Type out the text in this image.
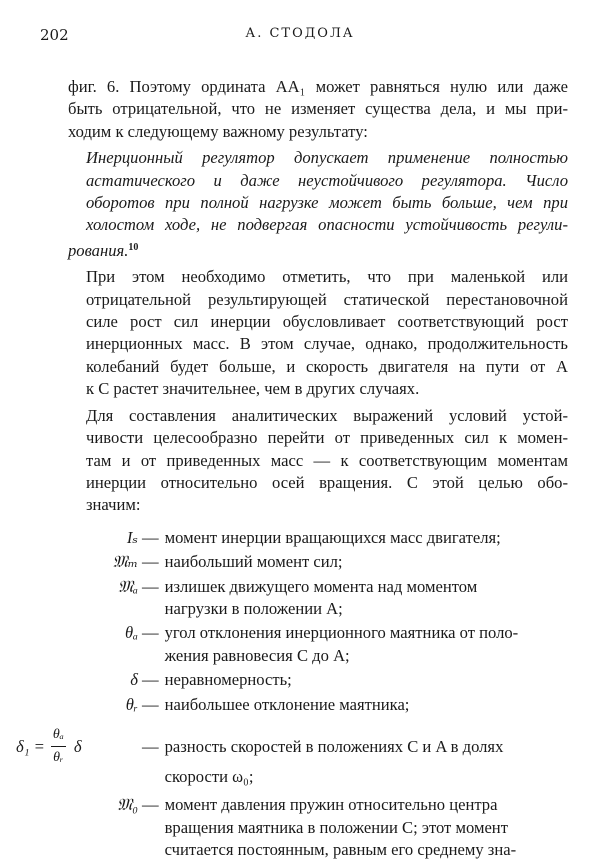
202	А. СТОДОЛА

фиг. 6. Поэтому ордината AA₁ может равняться нулю или даже
быть отрицательной, что не изменяет существа дела, и мы при-
ходим к следующему важному результату:

Инерционный регулятор допускает применение полностью
астатического и даже неустойчивого регулятора. Число
оборотов при полной нагрузке может быть больше, чем при
холостом ходе, не подвергая опасности устойчивость регули-
рования.$^{10}$

При этом необходимо отметить, что при маленькой или
отрицательной результирующей статической перестановочной
силе рост сил инерции обусловливает соответствующий рост
инерционных масс. В этом случае, однако, продолжительность
колебаний будет больше, и скорость двигателя на пути от A
к C растет значительнее, чем в других случаях.

Для составления аналитических выражений условий устой-
чивости целесообразно перейти от приведенных сил к момен-
там и от приведенных масс — к соответствующим моментам
инерции относительно осей вращения. С этой целью обо-
значим:

Iₛ — момент инерции вращающихся масс двигателя;
𝔐ₘ — наибольший момент сил;
𝔐ₐ — излишек движущего момента над моментом
нагрузки в положении A;
θₐ — угол отклонения инерционного маятника от поло-
жения равновесия C до A;
δ — неравномерность;
θᵣ — наибольшее отклонение маятника;
$\delta_1 = \frac{\text{θₐ}}{\text{θᵣ}}$ δ	— разность скоростей в положениях C и A в долях
скорости ω₀;
𝔐₀ — момент давления пружин относительно центра
вращения маятника в положении C; этот момент
считается постоянным, равным его среднему зна-
